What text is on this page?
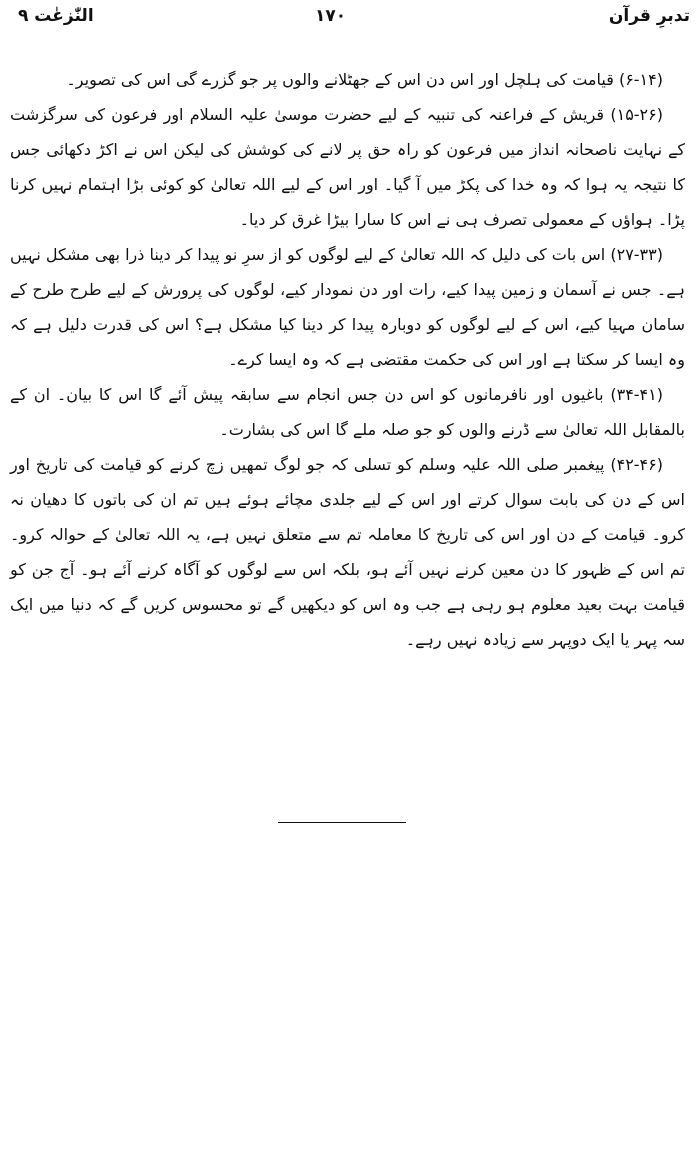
تدبرِ قرآن
۱۷۰
النّٰزعٰت ۹

(۶-۱۴) قیامت کی ہلچل اور اس دن اس کے جھٹلانے والوں پر جو گزرے گی اس کی تصویر۔

(۱۵-۲۶) قریش کے فراعنہ کی تنبیہ کے لیے حضرت موسیٰ علیہ السلام اور فرعون کی سرگزشت کے نہایت ناصحانہ انداز میں فرعون کو راہ حق پر لانے کی کوشش کی لیکن اس نے اکڑ دکھائی جس کا نتیجہ یہ ہوا کہ وہ خدا کی پکڑ میں آ گیا۔ اور اس کے لیے اللہ تعالیٰ کو کوئی بڑا اہتمام نہیں کرنا پڑا۔ ہواؤں کے معمولی تصرف ہی نے اس کا سارا بیڑا غرق کر دیا۔

(۲۷-۳۳) اس بات کی دلیل کہ اللہ تعالیٰ کے لیے لوگوں کو از سرِ نو پیدا کر دینا ذرا بھی مشکل نہیں ہے۔ جس نے آسمان و زمین پیدا کیے، رات اور دن نمودار کیے، لوگوں کی پرورش کے لیے طرح طرح کے سامان مہیا کیے، اس کے لیے لوگوں کو دوبارہ پیدا کر دینا کیا مشکل ہے؟ اس کی قدرت دلیل ہے کہ وہ ایسا کر سکتا ہے اور اس کی حکمت مقتضی ہے کہ وہ ایسا کرے۔

(۳۴-۴۱) باغیوں اور نافرمانوں کو اس دن جس انجام سے سابقہ پیش آئے گا اس کا بیان۔ ان کے بالمقابل اللہ تعالیٰ سے ڈرنے والوں کو جو صلہ ملے گا اس کی بشارت۔

(۴۲-۴۶) پیغمبر صلی اللہ علیہ وسلم کو تسلی کہ جو لوگ تمھیں زچ کرنے کو قیامت کی تاریخ اور اس کے دن کی بابت سوال کرتے اور اس کے لیے جلدی مچائے ہوئے ہیں تم ان کی باتوں کا دھیان نہ کرو۔ قیامت کے دن اور اس کی تاریخ کا معاملہ تم سے متعلق نہیں ہے، یہ اللہ تعالیٰ کے حوالہ کرو۔ تم اس کے ظہور کا دن معین کرنے نہیں آئے ہو، بلکہ اس سے لوگوں کو آگاہ کرنے آئے ہو۔ آج جن کو قیامت بہت بعید معلوم ہو رہی ہے جب وہ اس کو دیکھیں گے تو محسوس کریں گے کہ دنیا میں ایک سہ پہر یا ایک دوپہر سے زیادہ نہیں رہے۔
